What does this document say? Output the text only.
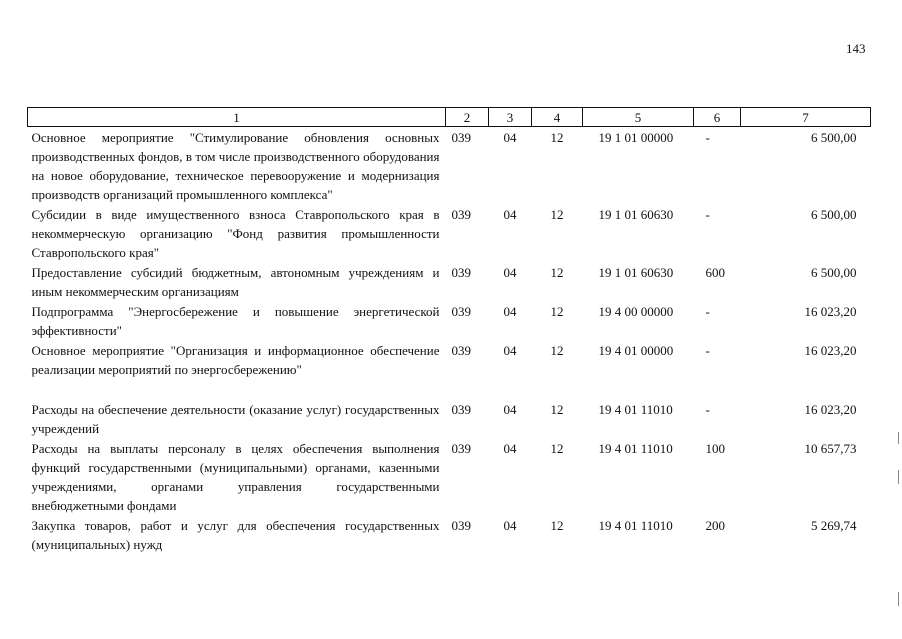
143
1	2	3	4	5	6	7
Основное мероприятие "Стимулирование обновления основных производственных фондов, в том числе производственного оборудования на новое оборудование, техническое перевооружение и модернизация производств организаций промышленного комплекса"	039	04	12	19 1 01 00000	-	6 500,00
Субсидии в виде имущественного взноса Ставропольского края в некоммерческую организацию "Фонд развития промышленности Ставропольского края"	039	04	12	19 1 01 60630	-	6 500,00
Предоставление субсидий бюджетным, автономным учреждениям и иным некоммерческим организациям	039	04	12	19 1 01 60630	600	6 500,00
Подпрограмма "Энергосбережение и повышение энергетической эффективности"	039	04	12	19 4 00 00000	-	16 023,20
Основное мероприятие "Организация и информационное обеспечение реализации мероприятий по энергосбережению"	039	04	12	19 4 01 00000	-	16 023,20

Расходы на обеспечение деятельности (оказание услуг) государственных учреждений	039	04	12	19 4 01 11010	-	16 023,20
Расходы на выплаты персоналу в целях обеспечения выполнения функций государственными (муниципальными) органами, казенными учреждениями, органами управления государственными внебюджетными фондами	039	04	12	19 4 01 11010	100	10 657,73
Закупка товаров, работ и услуг для обеспечения государственных (муниципальных) нужд	039	04	12	19 4 01 11010	200	5 269,74
